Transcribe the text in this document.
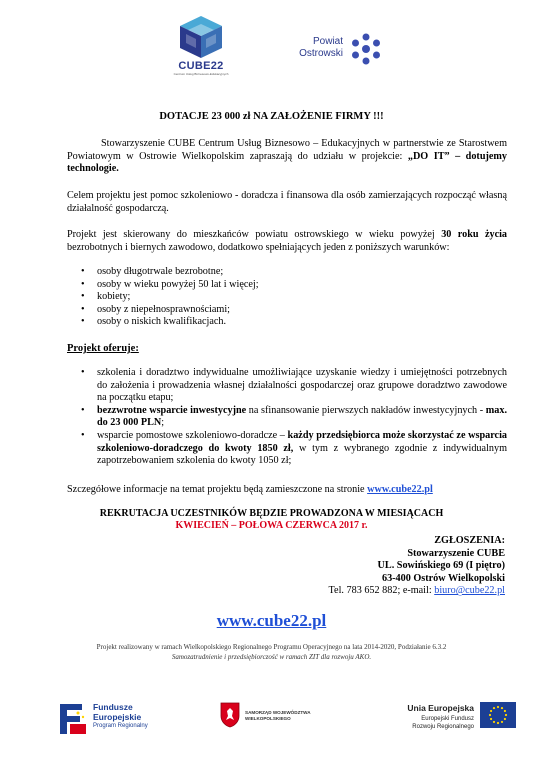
CUBE22
Centrum Usług Biznesowo-Edukacyjnych
Powiat
Ostrowski
DOTACJE 23 000 zł NA ZAŁOŻENIE FIRMY !!!
Stowarzyszenie CUBE Centrum Usług Biznesowo – Edukacyjnych w partnerstwie ze Starostwem Powiatowym w Ostrowie Wielkopolskim zapraszają do udziału w projekcie: „DO IT” – dotujemy technologie.
Celem projektu jest pomoc szkoleniowo - doradcza i finansowa dla osób zamierzających rozpocząć własną działalność gospodarczą.
Projekt jest skierowany do mieszkańców powiatu ostrowskiego w wieku powyżej 30 roku życia bezrobotnych i biernych zawodowo, dodatkowo spełniających jeden z poniższych warunków:
• osoby długotrwale bezrobotne;
• osoby w wieku powyżej 50 lat i więcej;
• kobiety;
• osoby z niepełnosprawnościami;
• osoby o niskich kwalifikacjach.
Projekt oferuje:
• szkolenia i doradztwo indywidualne umożliwiające uzyskanie wiedzy i umiejętności potrzebnych do założenia i prowadzenia własnej działalności gospodarczej oraz grupowe doradztwo zawodowe na początku etapu;
• bezzwrotne wsparcie inwestycyjne na sfinansowanie pierwszych nakładów inwestycyjnych - max. do 23 000 PLN;
• wsparcie pomostowe szkoleniowo-doradcze – każdy przedsiębiorca może skorzystać ze wsparcia szkoleniowo-doradczego do kwoty 1850 zł, w tym z wybranego zgodnie z indywidualnym zapotrzebowaniem szkolenia do kwoty 1050 zł;
Szczegółowe informacje na temat projektu będą zamieszczone na stronie www.cube22.pl
REKRUTACJA UCZESTNIKÓW BĘDZIE PROWADZONA W MIESIĄCACH
KWIECIEŃ – POŁOWA CZERWCA 2017 r.
ZGŁOSZENIA:
Stowarzyszenie CUBE
UL. Sowińskiego 69 (I piętro)
63-400 Ostrów Wielkopolski
Tel. 783 652 882; e-mail: biuro@cube22.pl
www.cube22.pl
Projekt realizowany w ramach Wielkopolskiego Regionalnego Programu Operacyjnego na lata 2014-2020, Podziałanie 6.3.2
Samozatrudnienie i przedsiębiorczość w ramach ZIT dla rozwoju AKO.
Fundusze
Europejskie
Program Regionalny
SAMORZĄD WOJEWÓDZTWA
WIELKOPOLSKIEGO
Unia Europejska
Europejski Fundusz
Rozwoju Regionalnego
